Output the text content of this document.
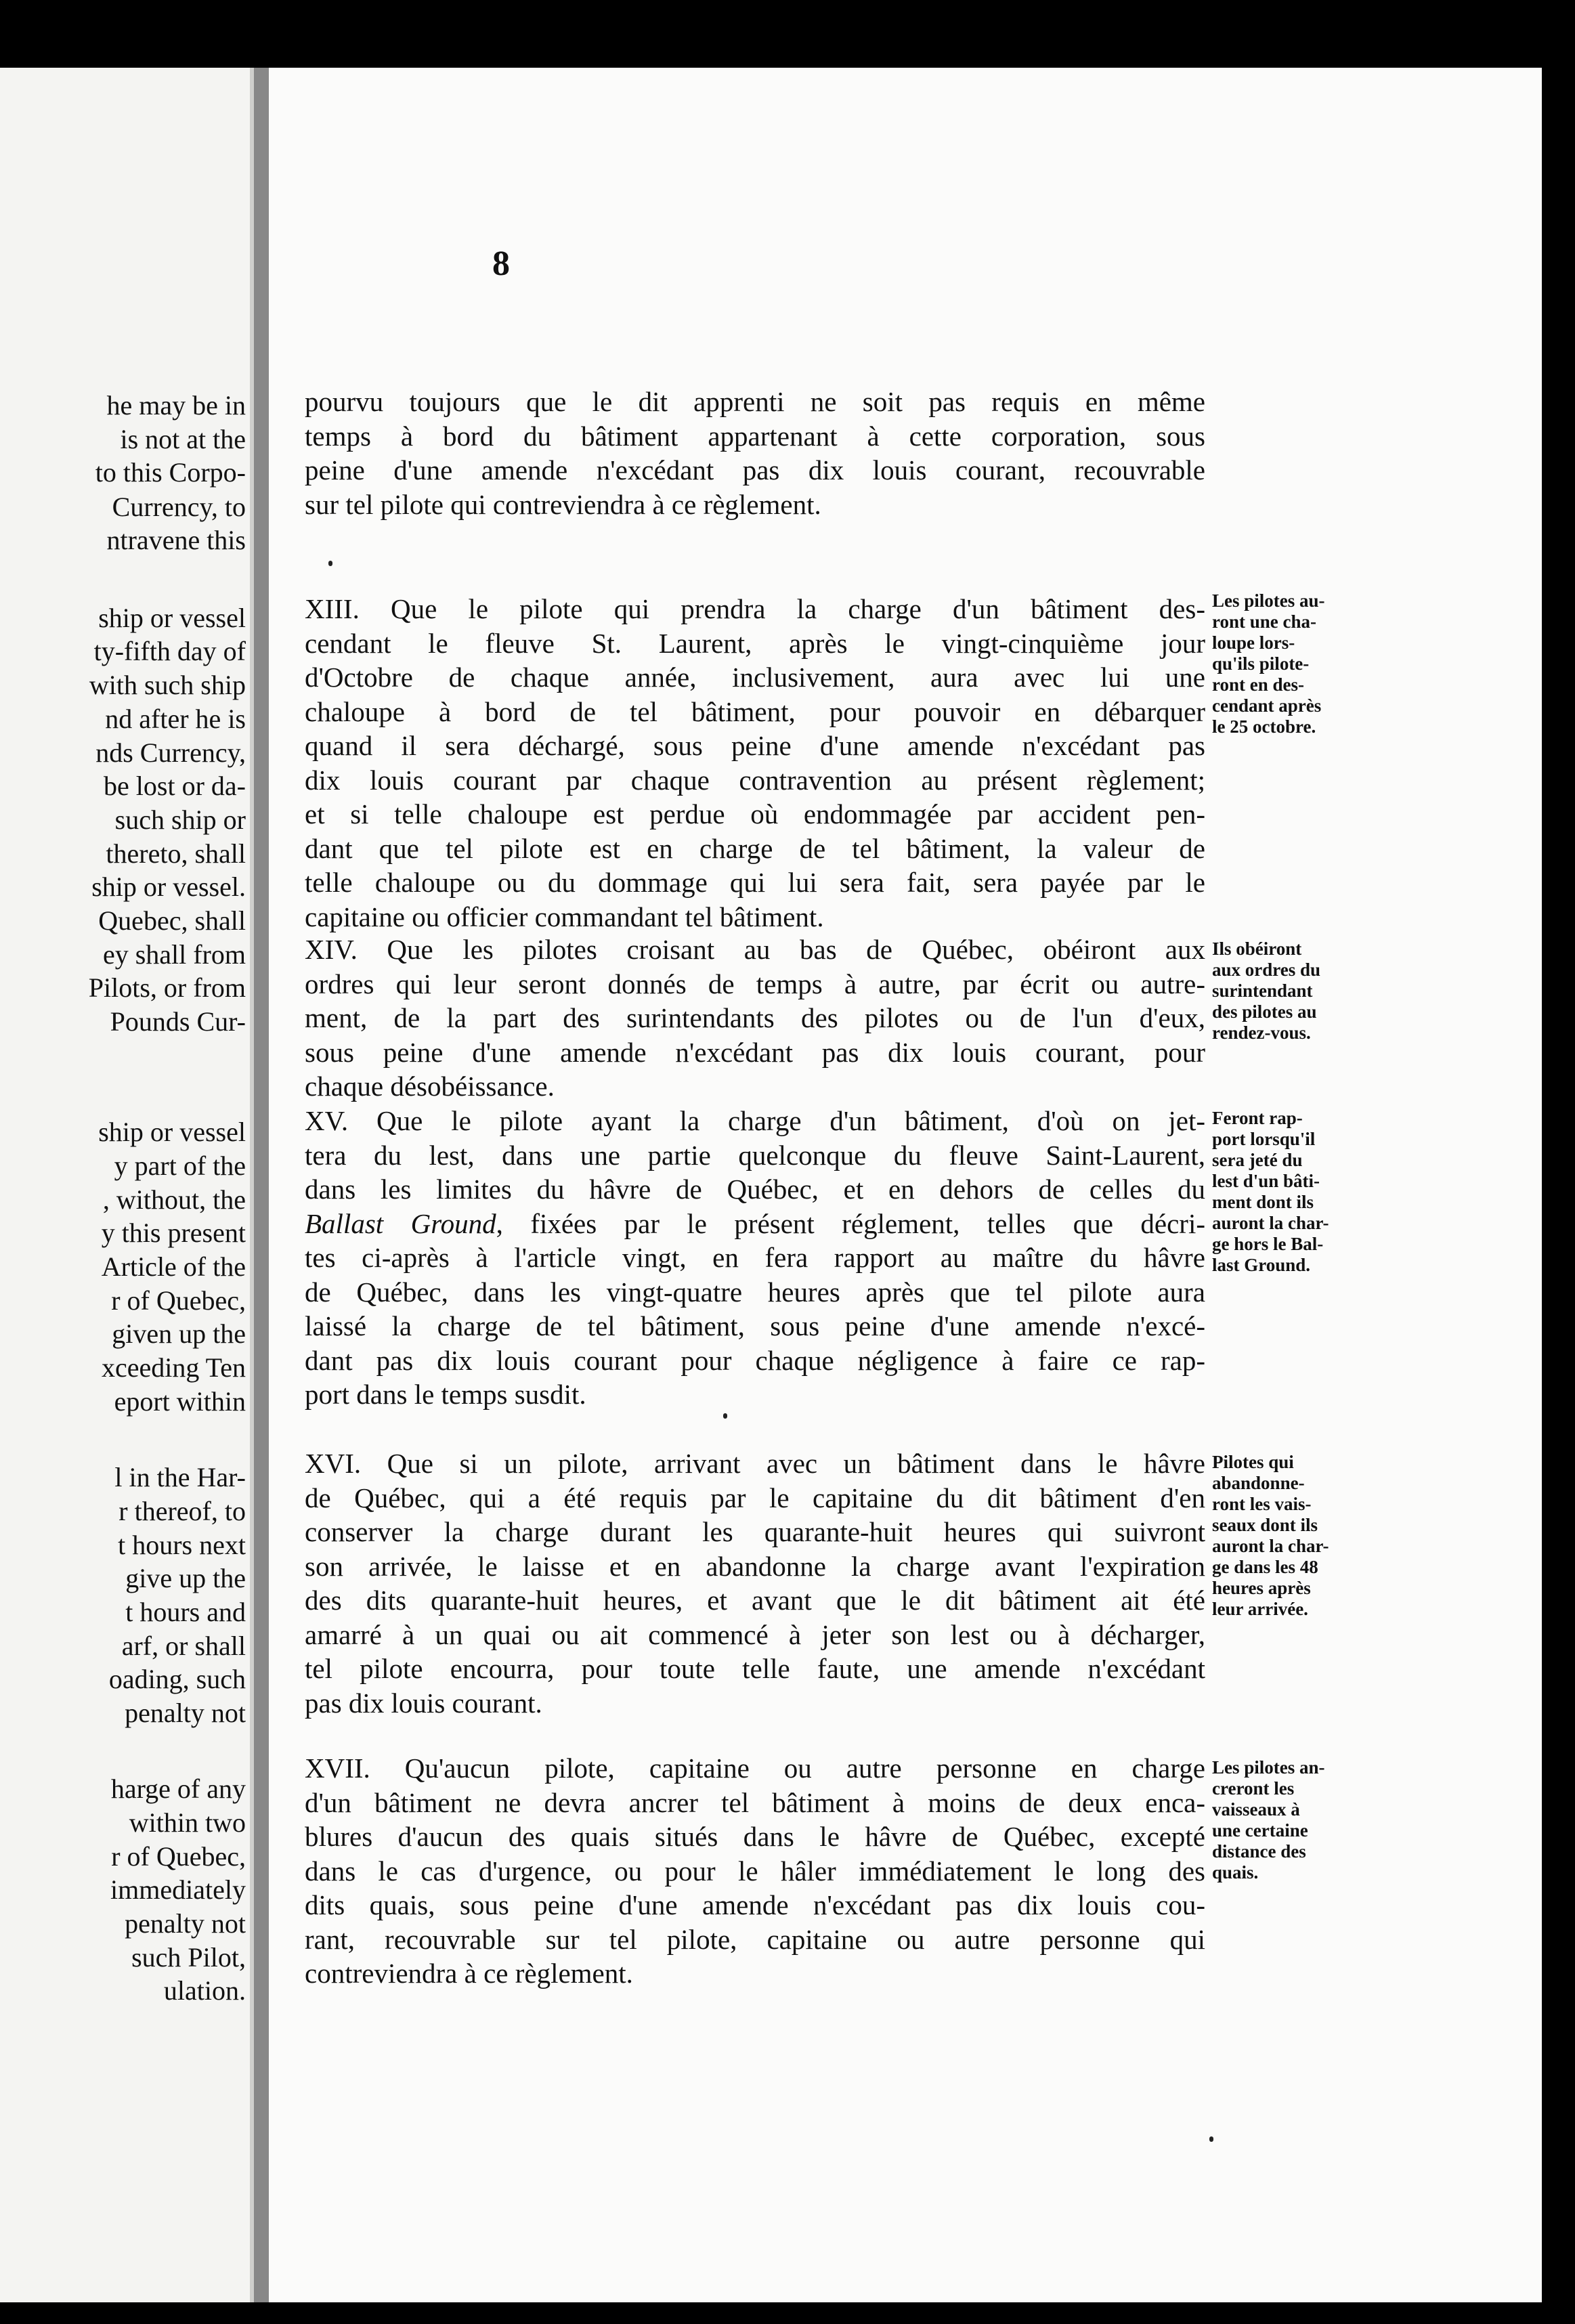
he may be in
is not at the
to this Corpo-
Currency, to
ntravene this
ship or vessel
ty-fifth day of
with such ship
nd after he is
nds Currency,
be lost or da-
such ship or
thereto, shall
ship or vessel.
Quebec, shall
ey shall from
Pilots, or from
Pounds Cur-
ship or vessel
y part of the
, without, the
y this present
Article of the
r of Quebec,
given up the
xceeding Ten
eport within
l in the Har-
r thereof, to
t hours next
give up the
t hours and
arf, or shall
oading, such
penalty not
harge of any
within two
r of Quebec,
immediately
penalty not
such Pilot,
ulation.
8
pourvu toujours que le dit apprenti ne soit pas requis en même
temps à bord du bâtiment appartenant à cette corporation, sous
peine d'une amende n'excédant pas dix louis courant, recouvrable
sur tel pilote qui contreviendra à ce règlement.
XIII. Que le pilote qui prendra la charge d'un bâtiment des-
cendant le fleuve St. Laurent, après le vingt-cinquième jour
d'Octobre de chaque année, inclusivement, aura avec lui une
chaloupe à bord de tel bâtiment, pour pouvoir en débarquer
quand il sera déchargé, sous peine d'une amende n'excédant pas
dix louis courant par chaque contravention au présent règlement;
et si telle chaloupe est perdue où endommagée par accident pen-
dant que tel pilote est en charge de tel bâtiment, la valeur de
telle chaloupe ou du dommage qui lui sera fait, sera payée par le
capitaine ou officier commandant tel bâtiment.
XIV. Que les pilotes croisant au bas de Québec, obéiront aux
ordres qui leur seront donnés de temps à autre, par écrit ou autre-
ment, de la part des surintendants des pilotes ou de l'un d'eux,
sous peine d'une amende n'excédant pas dix louis courant, pour
chaque désobéissance.
XV. Que le pilote ayant la charge d'un bâtiment, d'où on jet-
tera du lest, dans une partie quelconque du fleuve Saint-Laurent,
dans les limites du hâvre de Québec, et en dehors de celles du
Ballast Ground, fixées par le présent réglement, telles que décri-
tes ci-après à l'article vingt, en fera rapport au maître du hâvre
de Québec, dans les vingt-quatre heures après que tel pilote aura
laissé la charge de tel bâtiment, sous peine d'une amende n'excé-
dant pas dix louis courant pour chaque négligence à faire ce rap-
port dans le temps susdit.
XVI. Que si un pilote, arrivant avec un bâtiment dans le hâvre
de Québec, qui a été requis par le capitaine du dit bâtiment d'en
conserver la charge durant les quarante-huit heures qui suivront
son arrivée, le laisse et en abandonne la charge avant l'expiration
des dits quarante-huit heures, et avant que le dit bâtiment ait été
amarré à un quai ou ait commencé à jeter son lest ou à décharger,
tel pilote encourra, pour toute telle faute, une amende n'excédant
pas dix louis courant.
XVII. Qu'aucun pilote, capitaine ou autre personne en charge
d'un bâtiment ne devra ancrer tel bâtiment à moins de deux enca-
blures d'aucun des quais situés dans le hâvre de Québec, excepté
dans le cas d'urgence, ou pour le hâler immédiatement le long des
dits quais, sous peine d'une amende n'excédant pas dix louis cou-
rant, recouvrable sur tel pilote, capitaine ou autre personne qui
contreviendra à ce règlement.
Les pilotes au-
ront une cha-
loupe lors-
qu'ils pilote-
ront en des-
cendant après
le 25 octobre.
Ils obéiront
aux ordres du
surintendant
des pilotes au
rendez-vous.
Feront rap-
port lorsqu'il
sera jeté du
lest d'un bâti-
ment dont ils
auront la char-
ge hors le Bal-
last Ground.
Pilotes qui
abandonne-
ront les vais-
seaux dont ils
auront la char-
ge dans les 48
heures après
leur arrivée.
Les pilotes an-
creront les
vaisseaux à
une certaine
distance des
quais.
